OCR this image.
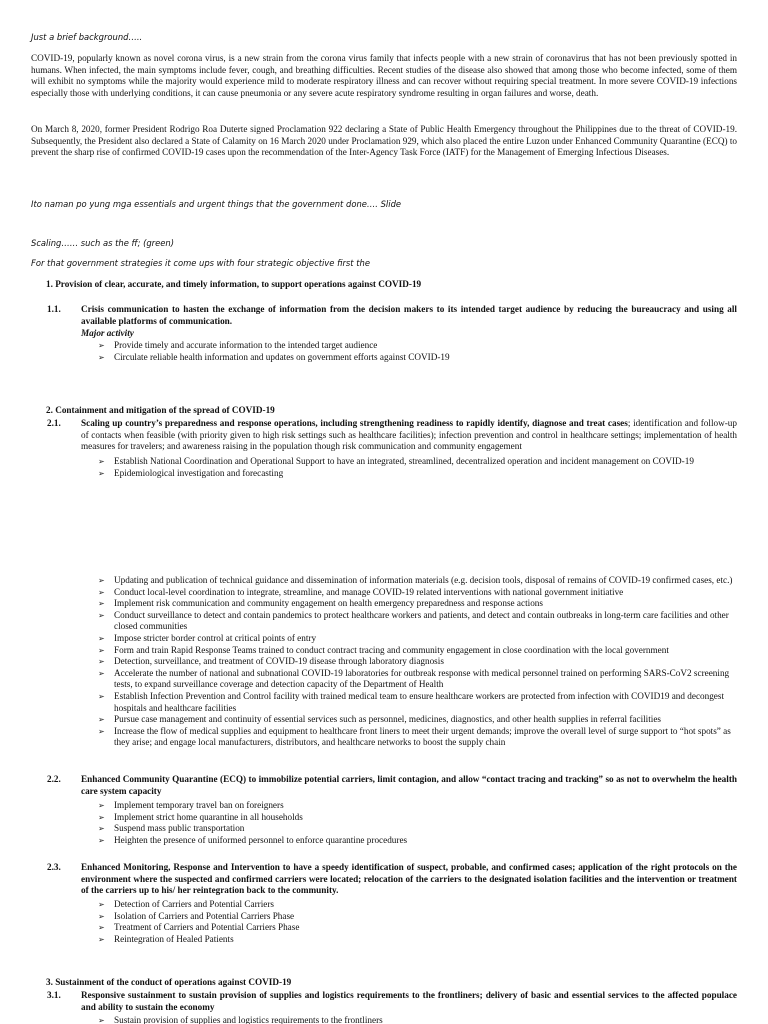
Just a brief background…..

COVID-19, popularly known as novel corona virus, is a new strain from the corona virus family that infects people with a new strain of coronavirus that has not been previously spotted in humans. When infected, the main symptoms include fever, cough, and breathing difficulties. Recent studies of the disease also showed that among those who become infected, some of them will exhibit no symptoms while the majority would experience mild to moderate respiratory illness and can recover without requiring special treatment. In more severe COVID-19 infections especially those with underlying conditions, it can cause pneumonia or any severe acute respiratory syndrome resulting in organ failures and worse, death.

On March 8, 2020, former President Rodrigo Roa Duterte signed Proclamation 922 declaring a State of Public Health Emergency throughout the Philippines due to the threat of COVID-19. Subsequently, the President also declared a State of Calamity on 16 March 2020 under Proclamation 929, which also placed the entire Luzon under Enhanced Community Quarantine (ECQ) to prevent the sharp rise of confirmed COVID-19 cases upon the recommendation of the Inter-Agency Task Force (IATF) for the Management of Emerging Infectious Diseases.

Ito naman po yung mga essentials and urgent things that the government done…. Slide
Scaling…… such as the ff; (green)
For that government strategies it come ups with four strategic objective first the
1. Provision of clear, accurate, and timely information, to support operations against COVID-19
1.1. Crisis communication to hasten the exchange of information from the decision makers to its intended target audience by reducing the bureaucracy and using all available platforms of communication.

Major activity
➢ Provide timely and accurate information to the intended target audience
➢ Circulate reliable health information and updates on government efforts against COVID-19
2. Containment and mitigation of the spread of COVID-19
2.1. Scaling up country’s preparedness and response operations, including strengthening readiness to rapidly identify, diagnose and treat cases; identification and follow-up of contacts when feasible (with priority given to high risk settings such as healthcare facilities); infection prevention and control in healthcare settings; implementation of health measures for travelers; and awareness raising in the population though risk communication and community engagement

➢ Establish National Coordination and Operational Support to have an integrated, streamlined, decentralized operation and incident management on COVID-19
➢ Epidemiological investigation and forecasting
➢ Updating and publication of technical guidance and dissemination of information materials (e.g. decision tools, disposal of remains of COVID-19 confirmed cases, etc.)
➢ Conduct local-level coordination to integrate, streamline, and manage COVID-19 related interventions with national government initiative
➢ Implement risk communication and community engagement on health emergency preparedness and response actions
➢ Conduct surveillance to detect and contain pandemics to protect healthcare workers and patients, and detect and contain outbreaks in long-term care facilities and other closed communities
➢ Impose stricter border control at critical points of entry
➢ Form and train Rapid Response Teams trained to conduct contract tracing and community engagement in close coordination with the local government
➢ Detection, surveillance, and treatment of COVID-19 disease through laboratory diagnosis
➢ Accelerate the number of national and subnational COVID-19 laboratories for outbreak response with medical personnel trained on performing SARS-CoV2 screening tests, to expand surveillance coverage and detection capacity of the Department of Health
➢ Establish Infection Prevention and Control facility with trained medical team to ensure healthcare workers are protected from infection with COVID19 and decongest hospitals and healthcare facilities
➢ Pursue case management and continuity of essential services such as personnel, medicines, diagnostics, and other health supplies in referral facilities
➢ Increase the flow of medical supplies and equipment to healthcare front liners to meet their urgent demands; improve the overall level of surge support to “hot spots” as they arise; and engage local manufacturers, distributors, and healthcare networks to boost the supply chain
2.2. Enhanced Community Quarantine (ECQ) to immobilize potential carriers, limit contagion, and allow “contact tracing and tracking” so as not to overwhelm the health care system capacity

➢ Implement temporary travel ban on foreigners
➢ Implement strict home quarantine in all households
➢ Suspend mass public transportation
➢ Heighten the presence of uniformed personnel to enforce quarantine procedures
2.3. Enhanced Monitoring, Response and Intervention to have a speedy identification of suspect, probable, and confirmed cases; application of the right protocols on the environment where the suspected and confirmed carriers were located; relocation of the carriers to the designated isolation facilities and the intervention or treatment of the carriers up to his/ her reintegration back to the community.

➢ Detection of Carriers and Potential Carriers
➢ Isolation of Carriers and Potential Carriers Phase
➢ Treatment of Carriers and Potential Carriers Phase
➢ Reintegration of Healed Patients
3. Sustainment of the conduct of operations against COVID-19
3.1. Responsive sustainment to sustain provision of supplies and logistics requirements to the frontliners; delivery of basic and essential services to the affected populace and ability to sustain the economy

➢ Sustain provision of supplies and logistics requirements to the frontliners
